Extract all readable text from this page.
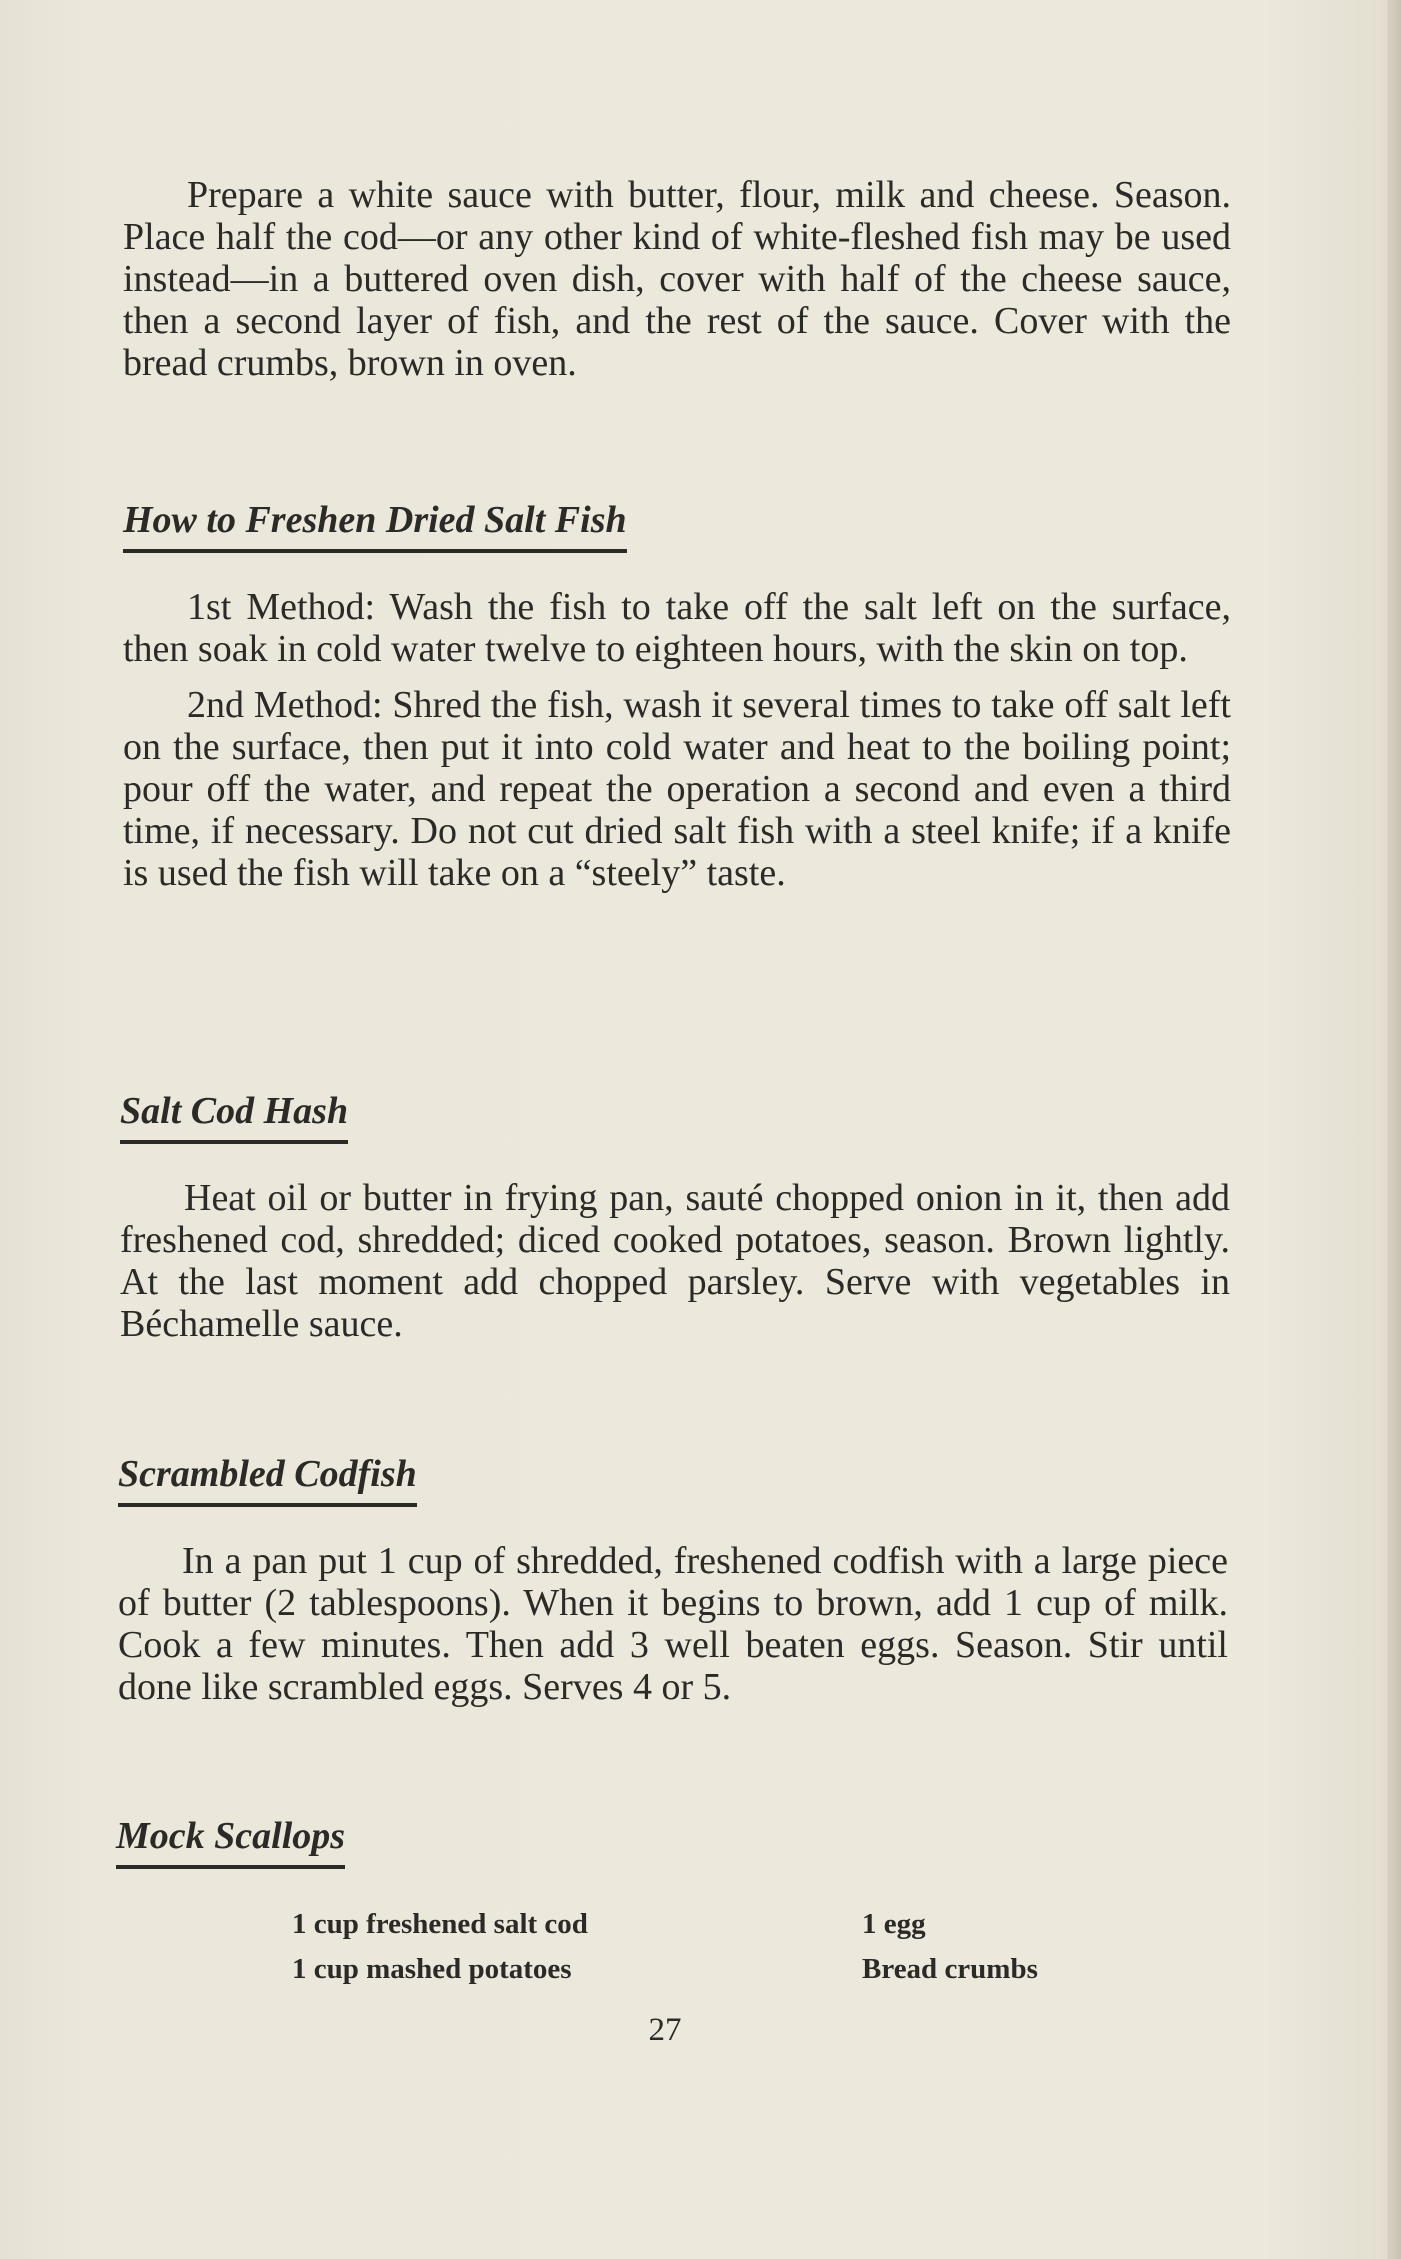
Prepare a white sauce with butter, flour, milk and cheese. Season. Place half the cod—or any other kind of white-fleshed fish may be used instead—in a buttered oven dish, cover with half of the cheese sauce, then a second layer of fish, and the rest of the sauce. Cover with the bread crumbs, brown in oven.

How to Freshen Dried Salt Fish

1st Method: Wash the fish to take off the salt left on the surface, then soak in cold water twelve to eighteen hours, with the skin on top.

2nd Method: Shred the fish, wash it several times to take off salt left on the surface, then put it into cold water and heat to the boiling point; pour off the water, and repeat the operation a second and even a third time, if necessary. Do not cut dried salt fish with a steel knife; if a knife is used the fish will take on a “steely” taste.

Salt Cod Hash

Heat oil or butter in frying pan, sauté chopped onion in it, then add freshened cod, shredded; diced cooked potatoes, season. Brown lightly. At the last moment add chopped parsley. Serve with vegetables in Béchamelle sauce.

Scrambled Codfish

In a pan put 1 cup of shredded, freshened codfish with a large piece of butter (2 tablespoons). When it begins to brown, add 1 cup of milk. Cook a few minutes. Then add 3 well beaten eggs. Season. Stir until done like scrambled eggs. Serves 4 or 5.

Mock Scallops
1 cup freshened salt cod
1 cup mashed potatoes
1 egg
Bread crumbs
27
